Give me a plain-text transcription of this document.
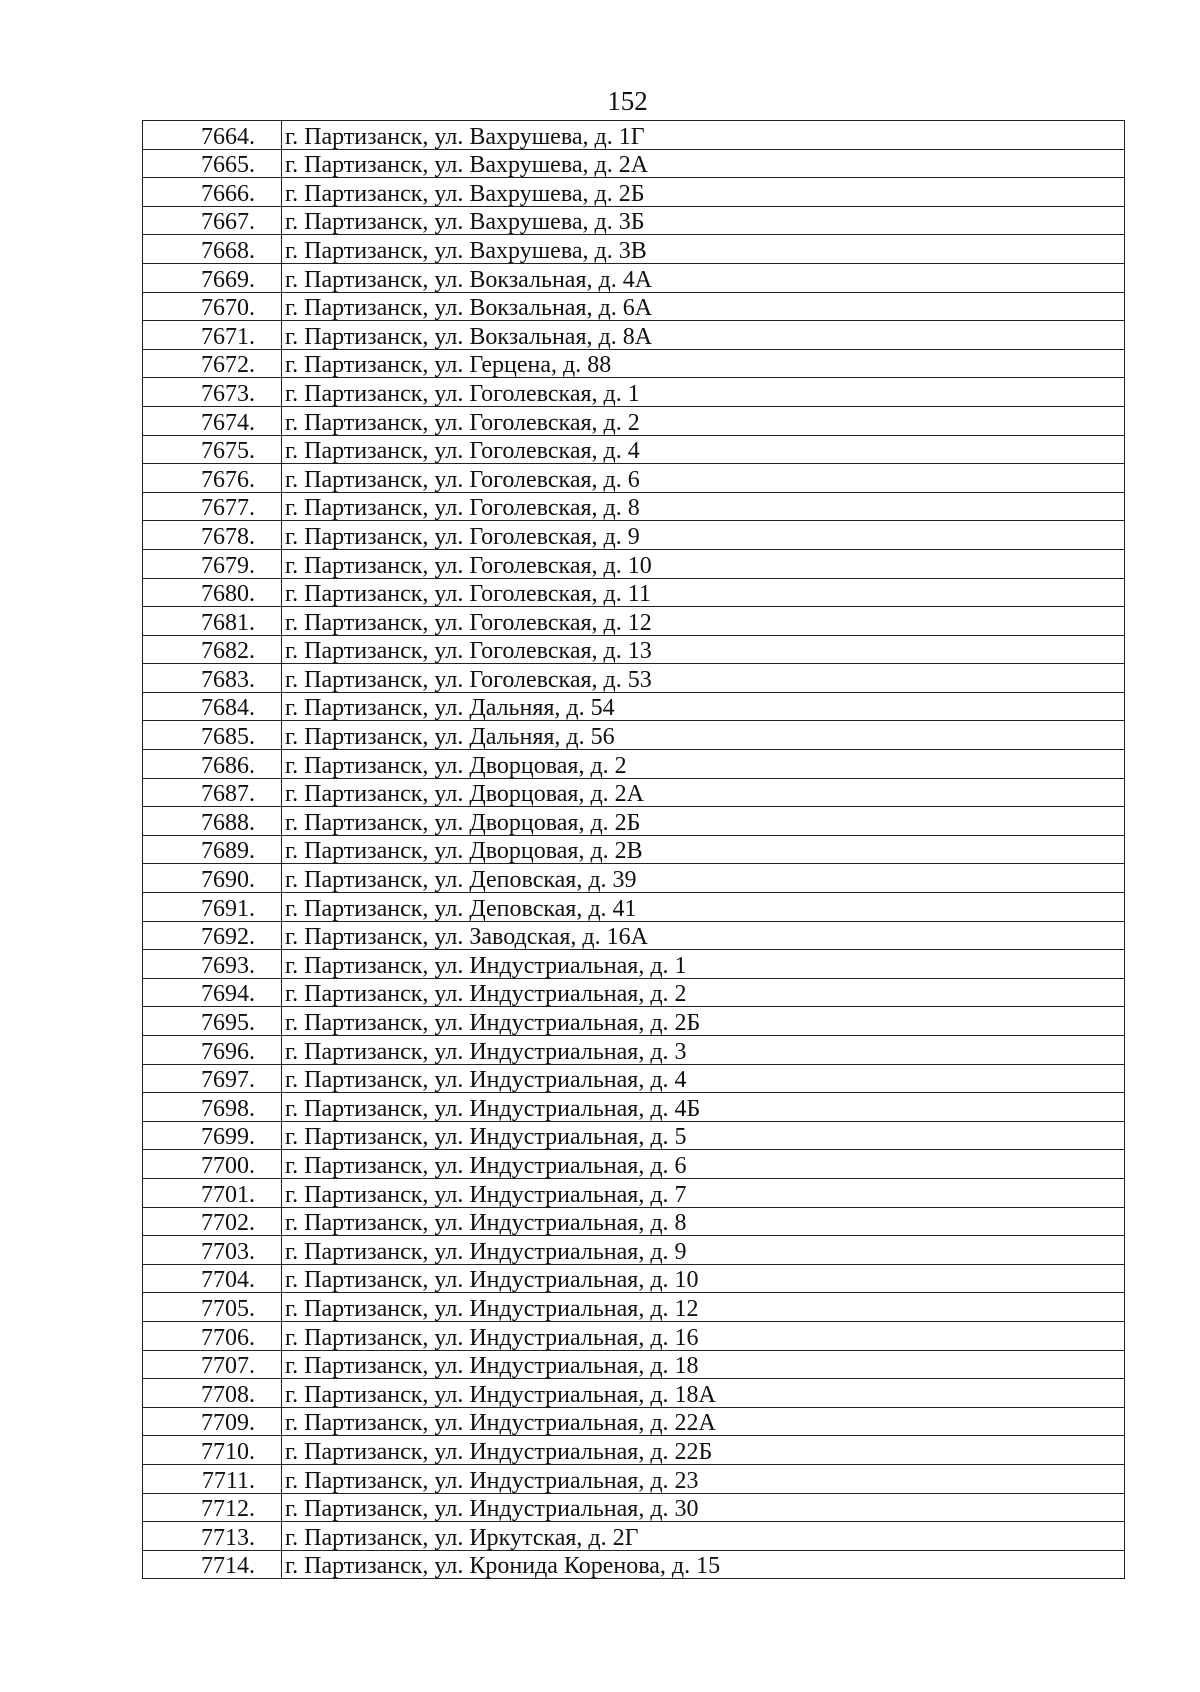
152
7664.	г. Партизанск, ул. Вахрушева, д. 1Г
7665.	г. Партизанск, ул. Вахрушева, д. 2А
7666.	г. Партизанск, ул. Вахрушева, д. 2Б
7667.	г. Партизанск, ул. Вахрушева, д. 3Б
7668.	г. Партизанск, ул. Вахрушева, д. 3В
7669.	г. Партизанск, ул. Вокзальная, д. 4А
7670.	г. Партизанск, ул. Вокзальная, д. 6А
7671.	г. Партизанск, ул. Вокзальная, д. 8А
7672.	г. Партизанск, ул. Герцена, д. 88
7673.	г. Партизанск, ул. Гоголевская, д. 1
7674.	г. Партизанск, ул. Гоголевская, д. 2
7675.	г. Партизанск, ул. Гоголевская, д. 4
7676.	г. Партизанск, ул. Гоголевская, д. 6
7677.	г. Партизанск, ул. Гоголевская, д. 8
7678.	г. Партизанск, ул. Гоголевская, д. 9
7679.	г. Партизанск, ул. Гоголевская, д. 10
7680.	г. Партизанск, ул. Гоголевская, д. 11
7681.	г. Партизанск, ул. Гоголевская, д. 12
7682.	г. Партизанск, ул. Гоголевская, д. 13
7683.	г. Партизанск, ул. Гоголевская, д. 53
7684.	г. Партизанск, ул. Дальняя, д. 54
7685.	г. Партизанск, ул. Дальняя, д. 56
7686.	г. Партизанск, ул. Дворцовая, д. 2
7687.	г. Партизанск, ул. Дворцовая, д. 2А
7688.	г. Партизанск, ул. Дворцовая, д. 2Б
7689.	г. Партизанск, ул. Дворцовая, д. 2В
7690.	г. Партизанск, ул. Деповская, д. 39
7691.	г. Партизанск, ул. Деповская, д. 41
7692.	г. Партизанск, ул. Заводская, д. 16А
7693.	г. Партизанск, ул. Индустриальная, д. 1
7694.	г. Партизанск, ул. Индустриальная, д. 2
7695.	г. Партизанск, ул. Индустриальная, д. 2Б
7696.	г. Партизанск, ул. Индустриальная, д. 3
7697.	г. Партизанск, ул. Индустриальная, д. 4
7698.	г. Партизанск, ул. Индустриальная, д. 4Б
7699.	г. Партизанск, ул. Индустриальная, д. 5
7700.	г. Партизанск, ул. Индустриальная, д. 6
7701.	г. Партизанск, ул. Индустриальная, д. 7
7702.	г. Партизанск, ул. Индустриальная, д. 8
7703.	г. Партизанск, ул. Индустриальная, д. 9
7704.	г. Партизанск, ул. Индустриальная, д. 10
7705.	г. Партизанск, ул. Индустриальная, д. 12
7706.	г. Партизанск, ул. Индустриальная, д. 16
7707.	г. Партизанск, ул. Индустриальная, д. 18
7708.	г. Партизанск, ул. Индустриальная, д. 18А
7709.	г. Партизанск, ул. Индустриальная, д. 22А
7710.	г. Партизанск, ул. Индустриальная, д. 22Б
7711.	г. Партизанск, ул. Индустриальная, д. 23
7712.	г. Партизанск, ул. Индустриальная, д. 30
7713.	г. Партизанск, ул. Иркутская, д. 2Г
7714.	г. Партизанск, ул. Кронида Коренова, д. 15
